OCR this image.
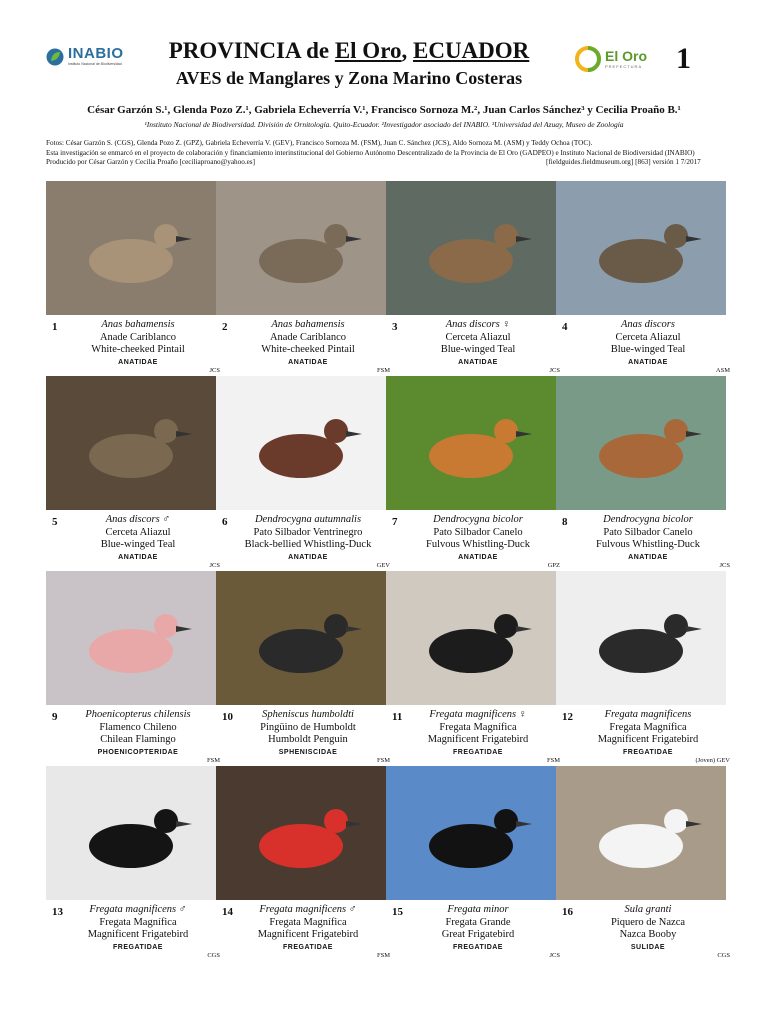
INABIO
Instituto Nacional de Biodiversidad
PROVINCIA de El Oro, ECUADOR
AVES de Manglares y Zona Marino Costeras
El Oro
PREFECTURA 1
César Garzón S.¹, Glenda Pozo Z.¹, Gabriela Echeverría V.¹, Francisco Sornoza M.², Juan Carlos Sánchez³ y Cecilia Proaño B.¹
¹Instituto Nacional de Biodiversidad. División de Ornitología. Quito-Ecuador. ²Investigador asociado del INABIO. ³Universidad del Azuay, Museo de Zoología

Fotos: César Garzón S. (CGS), Glenda Pozo Z. (GPZ), Gabriela Echeverría V. (GEV), Francisco Sornoza M. (FSM), Juan C. Sánchez (JCS), Aldo Sornoza M. (ASM) y Teddy Ochoa (TOC).

Esta investigación se enmarcó en el proyecto de colaboración y financiamiento interinstitucional del Gobierno Autónomo Descentralizado de la Provincia de El Oro (GADPEO) e Instituto Nacional de Biodiversidad (INABIO)

Producido por César Garzón y Cecilia Proaño [ceciliaproano@yahoo.es]	[fieldguides.fieldmuseum.org] [863] versión 1 7/2017

1	Anas bahamensis
Anade Cariblanco
White-cheeked Pintail
ANATIDAE
JCS
2	Anas bahamensis
Anade Cariblanco
White-cheeked Pintail
ANATIDAE
FSM
3	Anas discors ♀
Cerceta Aliazul
Blue-winged Teal
ANATIDAE
JCS
4	Anas discors
Cerceta Aliazul
Blue-winged Teal
ANATIDAE
ASM
5	Anas discors ♂
Cerceta Aliazul
Blue-winged Teal
ANATIDAE
JCS
6	Dendrocygna autumnalis
Pato Silbador Ventrinegro
Black-bellied Whistling-Duck
ANATIDAE
GEV
7	Dendrocygna bicolor
Pato Silbador Canelo
Fulvous Whistling-Duck
ANATIDAE
GPZ
8	Dendrocygna bicolor
Pato Silbador Canelo
Fulvous Whistling-Duck
ANATIDAE
JCS
9	Phoenicopterus chilensis
Flamenco Chileno
Chilean Flamingo
PHOENICOPTERIDAE
FSM
10	Spheniscus humboldti
Pingüino de Humboldt
Humboldt Penguin
SPHENISCIDAE
FSM
11	Fregata magnificens ♀
Fregata Magnífica
Magnificent Frigatebird
FREGATIDAE
FSM
12	Fregata magnificens
Fregata Magnífica
Magnificent Frigatebird
FREGATIDAE
(Joven) GEV
13	Fregata magnificens ♂
Fregata Magnífica
Magnificent Frigatebird
FREGATIDAE
CGS
14	Fregata magnificens ♂
Fregata Magnífica
Magnificent Frigatebird
FREGATIDAE
FSM
15	Fregata minor
Fregata Grande
Great Frigatebird
FREGATIDAE
JCS
16	Sula granti
Piquero de Nazca
Nazca Booby
SULIDAE
CGS
